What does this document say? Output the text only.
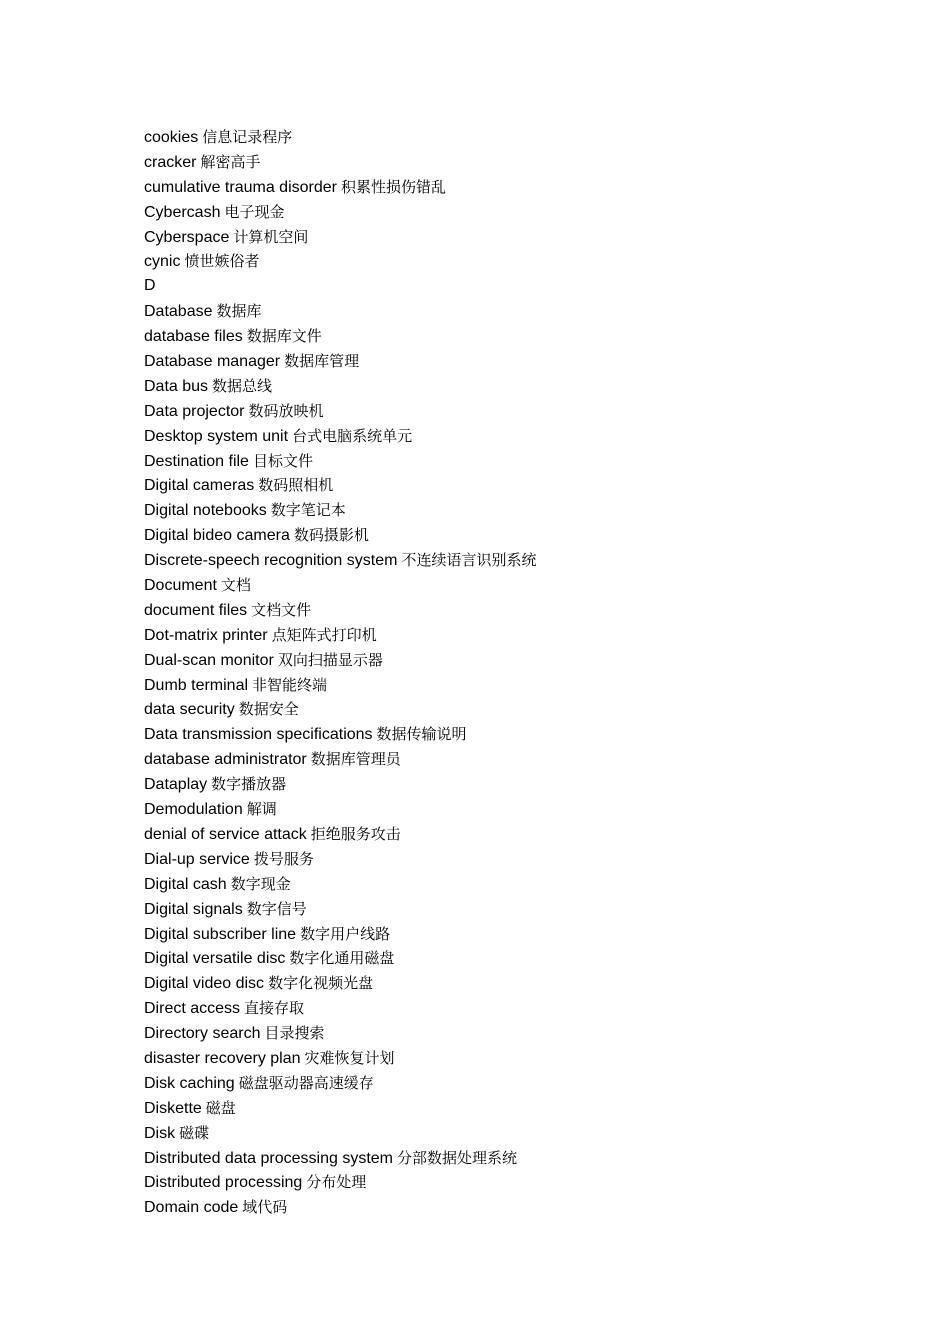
cookies 信息记录程序
cracker 解密高手
cumulative trauma disorder 积累性损伤错乱
Cybercash 电子现金
Cyberspace 计算机空间
cynic 愤世嫉俗者
D
Database 数据库
database files 数据库文件
Database manager 数据库管理
Data bus 数据总线
Data projector 数码放映机
Desktop system unit 台式电脑系统单元
Destination file 目标文件
Digital cameras 数码照相机
Digital notebooks 数字笔记本
Digital bideo camera 数码摄影机
Discrete-speech recognition system 不连续语言识别系统
Document 文档
document files 文档文件
Dot-matrix printer 点矩阵式打印机
Dual-scan monitor 双向扫描显示器
Dumb terminal 非智能终端
data security 数据安全
Data transmission specifications 数据传输说明
database administrator 数据库管理员
Dataplay 数字播放器
Demodulation 解调
denial of service attack 拒绝服务攻击
Dial-up service 拨号服务
Digital cash 数字现金
Digital signals 数字信号
Digital subscriber line 数字用户线路
Digital versatile disc 数字化通用磁盘
Digital video disc 数字化视频光盘
Direct access 直接存取
Directory search 目录搜索
disaster recovery plan 灾难恢复计划
Disk caching 磁盘驱动器高速缓存
Diskette 磁盘
Disk 磁碟
Distributed data processing system 分部数据处理系统
Distributed processing 分布处理
Domain code 域代码
